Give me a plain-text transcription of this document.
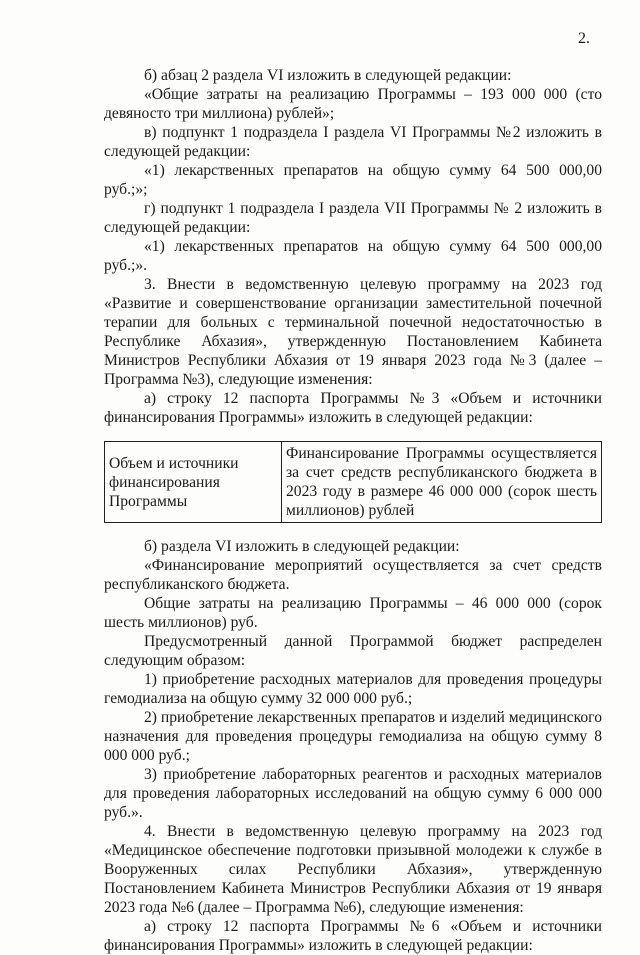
2.

б) абзац 2 раздела VI изложить в следующей редакции:

«Общие затраты на реализацию Программы – 193 000 000 (сто девяносто три миллиона) рублей»;

в) подпункт 1 подраздела I раздела VI Программы №2 изложить в следующей редакции:

«1) лекарственных препаратов на общую сумму 64 500 000,00 руб.;»;

г) подпункт 1 подраздела I раздела VII Программы № 2 изложить в следующей редакции:

«1) лекарственных препаратов на общую сумму 64 500 000,00 руб.;».

3. Внести в ведомственную целевую программу на 2023 год «Развитие и совершенствование организации заместительной почечной терапии для больных с терминальной почечной недостаточностью в Республике Абхазия», утвержденную Постановлением Кабинета Министров Республики Абхазия от 19 января 2023 года №3 (далее – Программа №3), следующие изменения:

а) строку 12 паспорта Программы №3 «Объем и источники финансирования Программы» изложить в следующей редакции:

Объем и источники финансирования Программы	Финансирование Программы осуществляется за счет средств республиканского бюджета в 2023 году в размере 46 000 000 (сорок шесть миллионов) рублей

б) раздела VI изложить в следующей редакции:

«Финансирование мероприятий осуществляется за счет средств республиканского бюджета.

Общие затраты на реализацию Программы – 46 000 000 (сорок шесть миллионов) руб.

Предусмотренный данной Программой бюджет распределен следующим образом:

1) приобретение расходных материалов для проведения процедуры гемодиализа на общую сумму 32 000 000 руб.;

2) приобретение лекарственных препаратов и изделий медицинского назначения для проведения процедуры гемодиализа на общую сумму 8 000 000 руб.;

3) приобретение лабораторных реагентов и расходных материалов для проведения лабораторных исследований на общую сумму 6 000 000 руб.».

4. Внести в ведомственную целевую программу на 2023 год «Медицинское обеспечение подготовки призывной молодежи к службе в Вооруженных силах Республики Абхазия», утвержденную Постановлением Кабинета Министров Республики Абхазия от 19 января 2023 года №6 (далее – Программа №6), следующие изменения:

а) строку 12 паспорта Программы №6 «Объем и источники финансирования Программы» изложить в следующей редакции:
